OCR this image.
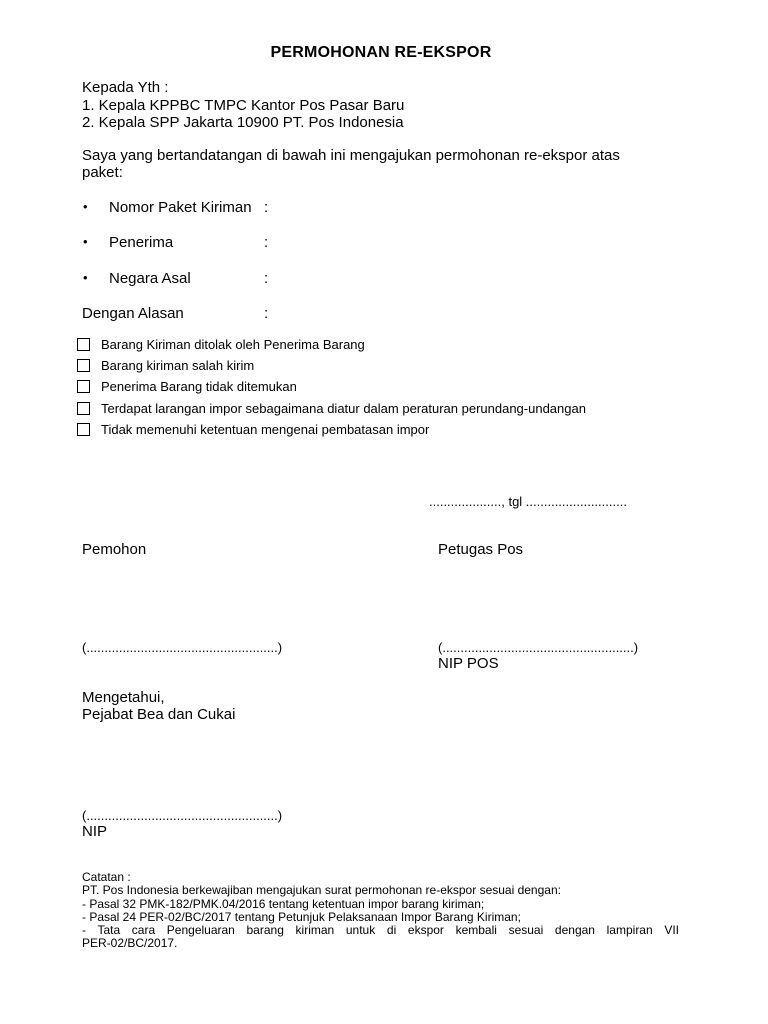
PERMOHONAN RE-EKSPOR
Kepada Yth :
1. Kepala KPPBC TMPC Kantor Pos Pasar Baru
2. Kepala SPP Jakarta 10900 PT. Pos Indonesia
Saya yang bertandatangan di bawah ini mengajukan permohonan re-ekspor atas
paket:
• Nomor Paket Kiriman :
• Penerima	:
• Negara Asal	:
Dengan Alasan	:
Barang Kiriman ditolak oleh Penerima Barang
Barang kiriman salah kirim
Penerima Barang tidak ditemukan
Terdapat larangan impor sebagaimana diatur dalam peraturan perundang-undangan
Tidak memenuhi ketentuan mengenai pembatasan impor
...................., tgl ............................
Pemohon	Petugas Pos
(.....................................................)	(.....................................................)
NIP POS
Mengetahui,
Pejabat Bea dan Cukai
(.....................................................)
NIP
Catatan :
PT. Pos Indonesia berkewajiban mengajukan surat permohonan re-ekspor sesuai dengan:
- Pasal 32 PMK-182/PMK.04/2016 tentang ketentuan impor barang kiriman;
- Pasal 24 PER-02/BC/2017 tentang Petunjuk Pelaksanaan Impor Barang Kiriman;
- Tata cara Pengeluaran barang kiriman untuk di ekspor kembali sesuai dengan lampiran VII
PER-02/BC/2017.
